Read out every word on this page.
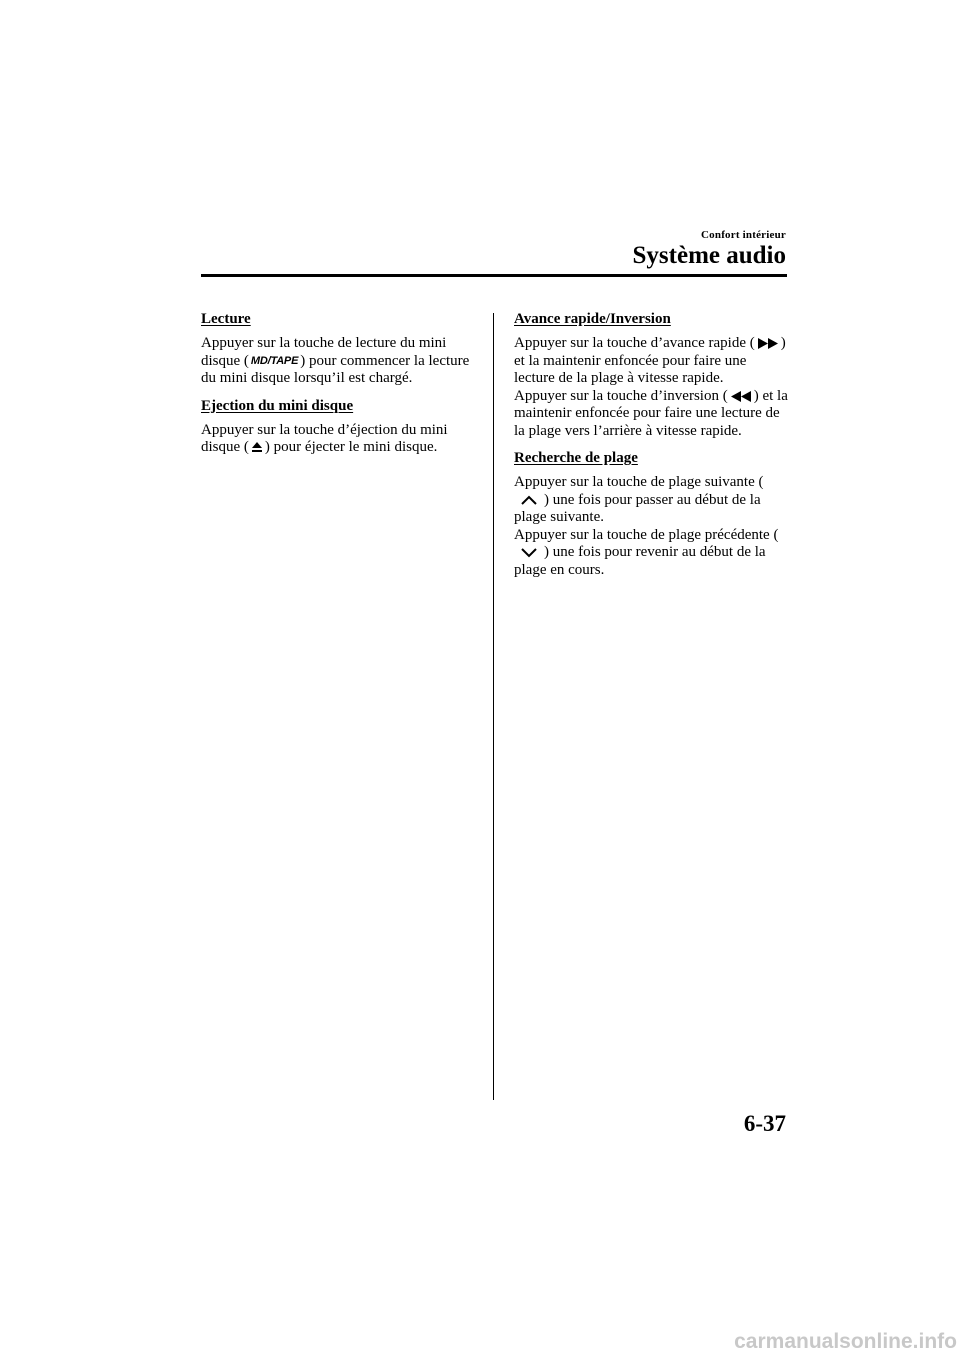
Confort intérieur
Système audio
Lecture

Appuyer sur la touche de lecture du mini disque ( MD/TAPE ) pour commencer la lecture du mini disque lorsqu’il est chargé.

Ejection du mini disque

Appuyer sur la touche d’éjection du mini disque ( ) pour éjecter le mini disque.

Avance rapide/Inversion

Appuyer sur la touche d’avance rapide ( ) et la maintenir enfoncée pour faire une lecture de la plage à vitesse rapide.
Appuyer sur la touche d’inversion ( ) et la maintenir enfoncée pour faire une lecture de la plage vers l’arrière à vitesse rapide.

Recherche de plage

Appuyer sur la touche de plage suivante () une fois pour passer au début de la plage suivante.
Appuyer sur la touche de plage précédente () une fois pour revenir au début de la plage en cours.

6-37
carmanualsonline.info
